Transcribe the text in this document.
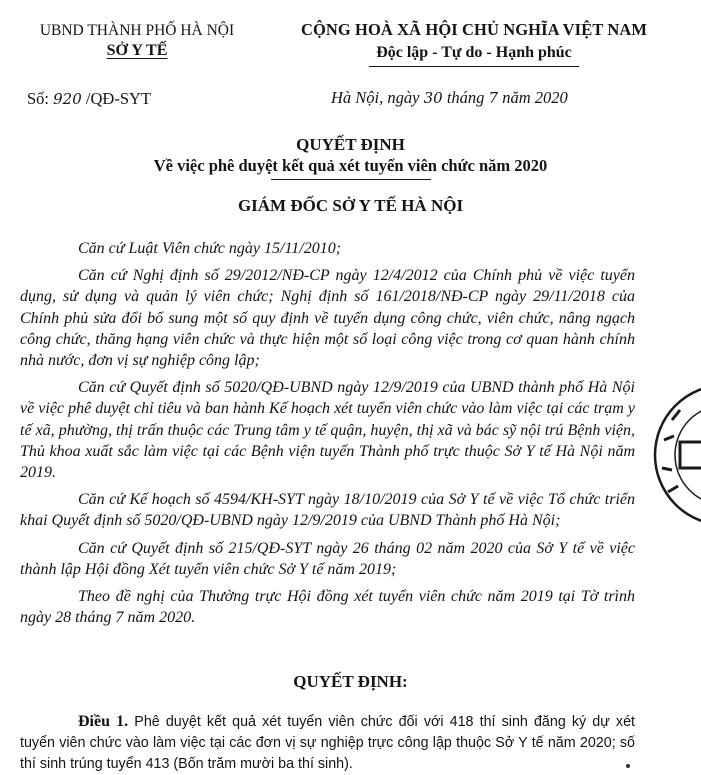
UBND THÀNH PHỐ HÀ NỘI
SỞ Y TẾ
CỘNG HOÀ XÃ HỘI CHỦ NGHĨA VIỆT NAM
Độc lập - Tự do - Hạnh phúc
Số: 920 /QĐ-SYT	Hà Nội, ngày 30 tháng 7 năm 2020
QUYẾT ĐỊNH
Về việc phê duyệt kết quả xét tuyển viên chức năm 2020
GIÁM ĐỐC SỞ Y TẾ HÀ NỘI

Căn cứ Luật Viên chức ngày 15/11/2010;

Căn cứ Nghị định số 29/2012/NĐ-CP ngày 12/4/2012 của Chính phủ về việc tuyển dụng, sử dụng và quản lý viên chức; Nghị định số 161/2018/NĐ-CP ngày 29/11/2018 của Chính phủ sửa đổi bổ sung một số quy định về tuyển dụng công chức, viên chức, nâng ngạch công chức, thăng hạng viên chức và thực hiện một số loại công việc trong cơ quan hành chính nhà nước, đơn vị sự nghiệp công lập;

Căn cứ Quyết định số 5020/QĐ-UBND ngày 12/9/2019 của UBND thành phố Hà Nội về việc phê duyệt chỉ tiêu và ban hành Kế hoạch xét tuyển viên chức vào làm việc tại các trạm y tế xã, phường, thị trấn thuộc các Trung tâm y tế quận, huyện, thị xã và bác sỹ nội trú Bệnh viện, Thủ khoa xuất sắc làm việc tại các Bệnh viện tuyến Thành phố trực thuộc Sở Y tế Hà Nội năm 2019.

Căn cứ Kế hoạch số 4594/KH-SYT ngày 18/10/2019 của Sở Y tế về việc Tổ chức triển khai Quyết định số 5020/QĐ-UBND ngày 12/9/2019 của UBND Thành phố Hà Nội;

Căn cứ Quyết định số 215/QĐ-SYT ngày 26 tháng 02 năm 2020 của Sở Y tế về việc thành lập Hội đồng Xét tuyển viên chức Sở Y tế năm 2019;

Theo đề nghị của Thường trực Hội đồng xét tuyển viên chức năm 2019 tại Tờ trình ngày 28 tháng 7 năm 2020.

QUYẾT ĐỊNH:

Điều 1. Phê duyệt kết quả xét tuyển viên chức đối với 418 thí sinh đăng ký dự xét tuyển viên chức vào làm việc tại các đơn vị sự nghiệp trực công lập thuộc Sở Y tế năm 2020; số thí sinh trúng tuyển 413 (Bốn trăm mười ba thí sinh).
